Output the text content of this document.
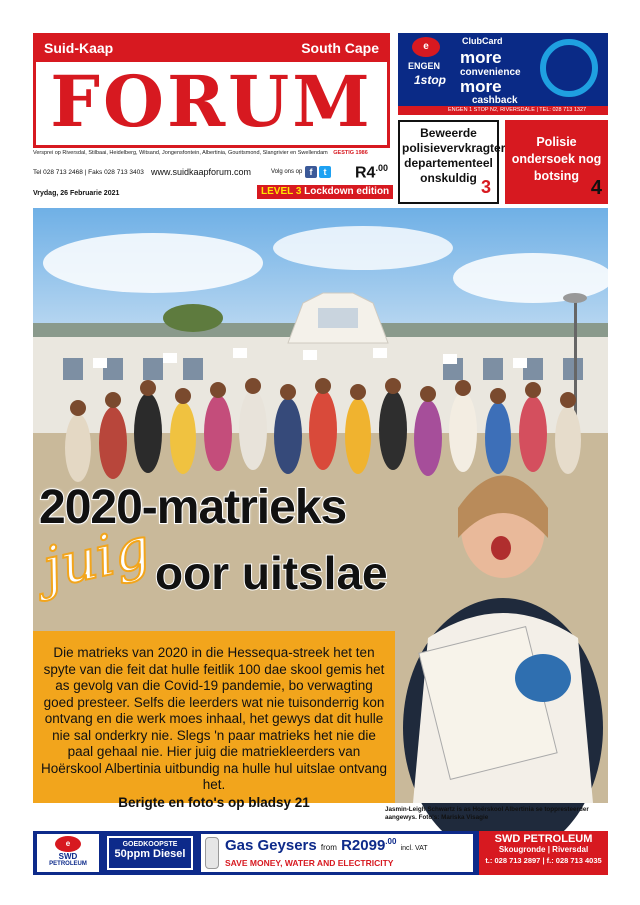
Suid-Kaap	South Cape
FORUM
Versprei op Riversdal, Stilbaai, Heidelberg, Witsand, Jongensfontein, Albertinia, Gouritsmond, Slangrivier en Swellendam GESTIG 1986
Tel 028 713 2468 | Faks 028 713 3403 www.suidkaapforum.com	Volg ons op f	t $R4^{.00}$
Vrydag, 26 Februarie 2021	LEVEL 3 Lockdown edition
e
ENGEN
1stop
ClubCard
more
convenience
more
cashback
ENGEN 1 STOP N2, RIVERSDALE | TEL: 028 713 1327
Beweerde polisievervkragter departementeel onskuldig 3
Polisie ondersoek nog botsing
4
2020-matrieks
juig oor uitslae

Die matrieks van 2020 in die Hessequa-streek het ten spyte van die feit dat hulle feitlik 100 dae skool gemis het as gevolg van die Covid-19 pandemie, bo verwagting goed presteer. Selfs die leerders wat nie tuisonderrig kon ontvang en die werk moes inhaal, het gewys dat dit hulle nie sal onderkry nie. Slegs 'n paar matrieks het nie die paal gehaal nie. Hier juig die matriekleerders van Hoërskool Albertinia uitbundig na hulle hul uitslae ontvang het.

Berigte en foto's op bladsy 21	Jasmin-Leigh Schwartz is as Hoërskool Albertinia se toppresteerder aangewys. Foto's: Mariska Visagie
e
SWD
PETROLEUM
GOEDKOOPSTE
50ppm Diesel	Gas Geysers from $R2099^{.00}$ incl. VAT
SAVE MONEY, WATER AND ELECTRICITY
SWD PETROLEUM
Skougronde | Riversdal
t.: 028 713 2897 | f.: 028 713 4035
